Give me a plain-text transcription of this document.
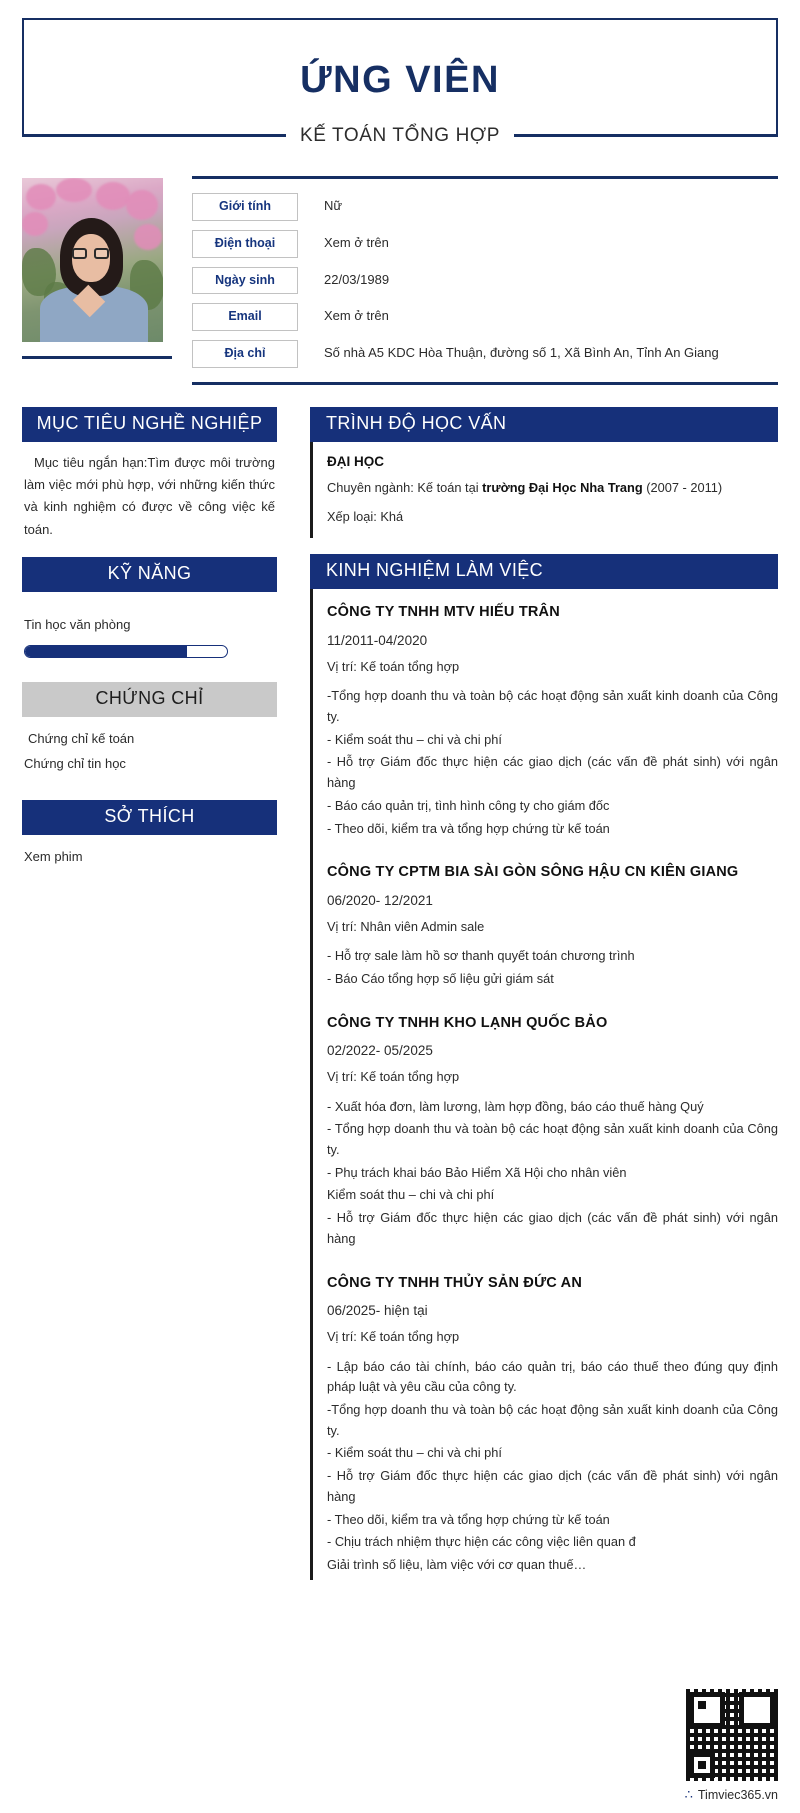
ỨNG VIÊN
KẾ TOÁN TỔNG HỢP
Giới tính	Nữ
Điện thoại	Xem ở trên
Ngày sinh	22/03/1989
Email	Xem ở trên
Địa chỉ	Số nhà A5 KDC Hòa Thuận, đường số 1, Xã Bình An, Tỉnh An Giang
MỤC TIÊU NGHỀ NGHIỆP

Mục tiêu ngắn hạn:Tìm được môi trường làm việc mới phù hợp, với những kiến thức và kinh nghiệm có được về công việc kế toán.

KỸ NĂNG
Tin học văn phòng
CHỨNG CHỈ
Chứng chỉ kế toán
Chứng chỉ tin học
SỞ THÍCH
Xem phim
TRÌNH ĐỘ HỌC VẤN
ĐẠI HỌC

Chuyên ngành: Kế toán tại trường Đại Học Nha Trang (2007 - 2011)

Xếp loại: Khá

KINH NGHIỆM LÀM VIỆC

CÔNG TY TNHH MTV HIẾU TRÂN

11/2011-04/2020

Vị trí: Kế toán tổng hợp

-Tổng hợp doanh thu và toàn bộ các hoạt động sản xuất kinh doanh của Công ty.
- Kiểm soát thu – chi và chi phí
- Hỗ trợ Giám đốc thực hiện các giao dịch (các vấn đề phát sinh) với ngân hàng
- Báo cáo quản trị, tình hình công ty cho giám đốc
- Theo dõi, kiểm tra và tổng hợp chứng từ kế toán

CÔNG TY CPTM BIA SÀI GÒN SÔNG HẬU CN KIÊN GIANG

06/2020- 12/2021

Vị trí: Nhân viên Admin sale

- Hỗ trợ sale làm hồ sơ thanh quyết toán chương trình
- Báo Cáo tổng hợp số liệu gửi giám sát

CÔNG TY TNHH KHO LẠNH QUỐC BẢO

02/2022- 05/2025

Vị trí: Kế toán tổng hợp

- Xuất hóa đơn, làm lương, làm hợp đồng, báo cáo thuế hàng Quý
- Tổng hợp doanh thu và toàn bộ các hoạt động sản xuất kinh doanh của Công ty.
- Phụ trách khai báo Bảo Hiểm Xã Hội cho nhân viên
Kiểm soát thu – chi và chi phí
- Hỗ trợ Giám đốc thực hiện các giao dịch (các vấn đề phát sinh) với ngân hàng

CÔNG TY TNHH THỦY SẢN ĐỨC AN

06/2025- hiện tại

Vị trí: Kế toán tổng hợp

- Lập báo cáo tài chính, báo cáo quản trị, báo cáo thuế theo đúng quy định pháp luật và yêu cầu của công ty.
-Tổng hợp doanh thu và toàn bộ các hoạt động sản xuất kinh doanh của Công ty.
- Kiểm soát thu – chi và chi phí
- Hỗ trợ Giám đốc thực hiện các giao dịch (các vấn đề phát sinh) với ngân hàng
- Theo dõi, kiểm tra và tổng hợp chứng từ kế toán
- Chịu trách nhiệm thực hiện các công việc liên quan đ
Giải trình số liệu, làm việc với cơ quan thuế…
∴ Timviec365.vn
